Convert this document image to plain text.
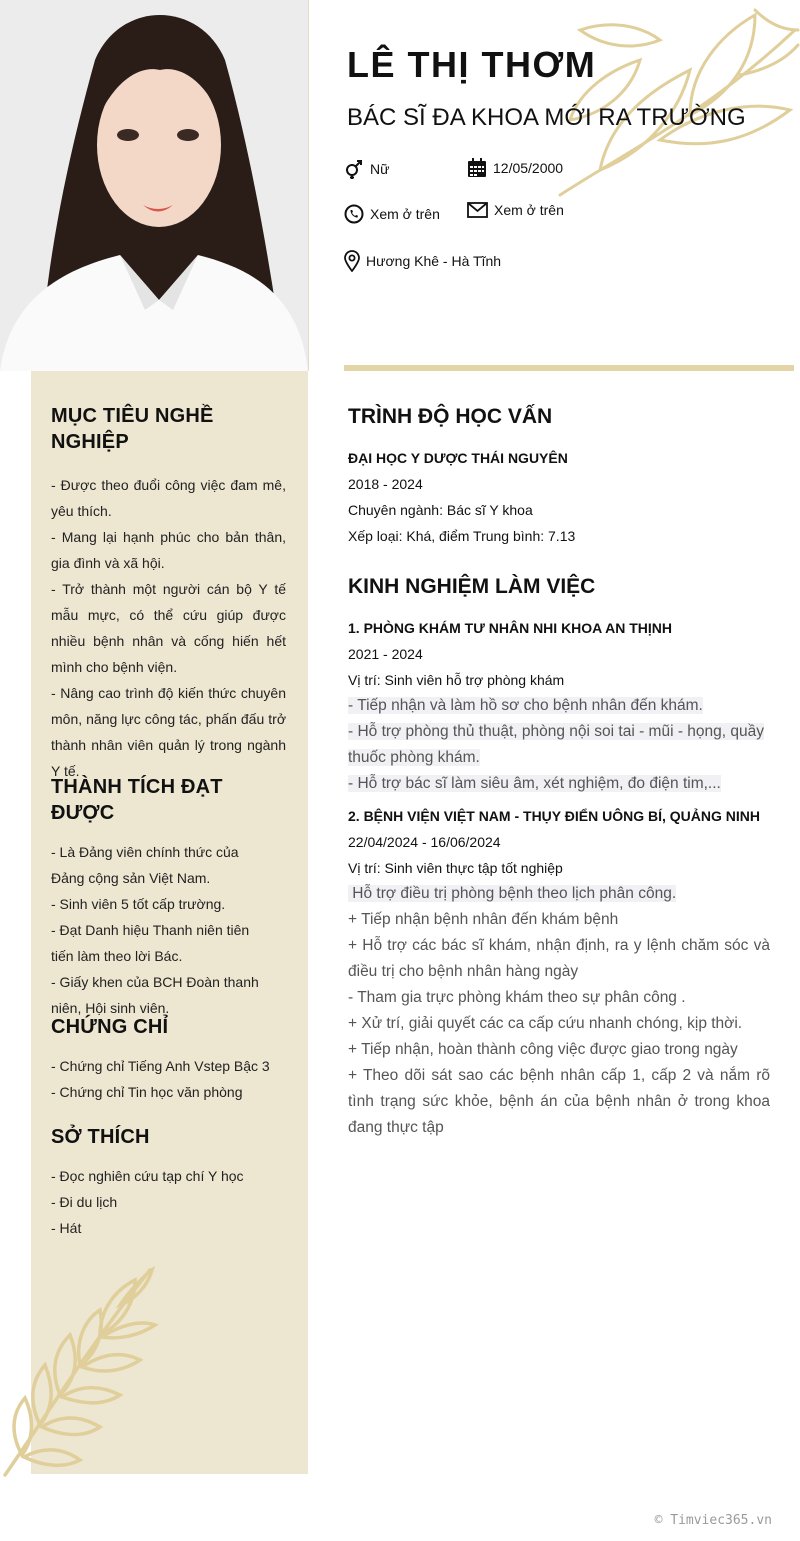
LÊ THỊ THƠM
BÁC SĨ ĐA KHOA MỚI RA TRƯỜNG
Nữ	12/05/2000
Xem ở trên	Xem ở trên
Hương Khê - Hà Tĩnh
MỤC TIÊU NGHỀ NGHIỆP
- Được theo đuổi công việc đam mê, yêu thích.
- Mang lại hạnh phúc cho bản thân, gia đình và xã hội.
- Trở thành một người cán bộ Y tế mẫu mực, có thể cứu giúp được nhiều bệnh nhân và cống hiến hết mình cho bệnh viện.
- Nâng cao trình độ kiến thức chuyên môn, năng lực công tác, phấn đấu trở thành nhân viên quản lý trong ngành Y tế.
THÀNH TÍCH ĐẠT ĐƯỢC
- Là Đảng viên chính thức của Đảng cộng sản Việt Nam.
- Sinh viên 5 tốt cấp trường.
- Đạt Danh hiệu Thanh niên tiên tiến làm theo lời Bác.
- Giấy khen của BCH Đoàn thanh niên, Hội sinh viên.
CHỨNG CHỈ
- Chứng chỉ Tiếng Anh Vstep Bậc 3
- Chứng chỉ Tin học văn phòng
SỞ THÍCH
- Đọc nghiên cứu tạp chí Y học
- Đi du lịch
- Hát
TRÌNH ĐỘ HỌC VẤN
ĐẠI HỌC Y DƯỢC THÁI NGUYÊN
2018 - 2024
Chuyên ngành: Bác sĩ Y khoa
Xếp loại: Khá, điểm Trung bình: 7.13
KINH NGHIỆM LÀM VIỆC
1. PHÒNG KHÁM TƯ NHÂN NHI KHOA AN THỊNH
2021 - 2024
Vị trí: Sinh viên hỗ trợ phòng khám
- Tiếp nhận và làm hồ sơ cho bệnh nhân đến khám.
- Hỗ trợ phòng thủ thuật, phòng nội soi tai - mũi - họng, quầy thuốc phòng khám.
- Hỗ trợ bác sĩ làm siêu âm, xét nghiệm, đo điện tim,...
2. BỆNH VIỆN VIỆT NAM - THỤY ĐIỂN UÔNG BÍ, QUẢNG NINH
22/04/2024 - 16/06/2024
Vị trí: Sinh viên thực tập tốt nghiệp
Hỗ trợ điều trị phòng bệnh theo lịch phân công.
+ Tiếp nhận bệnh nhân đến khám bệnh
+ Hỗ trợ các bác sĩ khám, nhận định, ra y lệnh chăm sóc và điều trị cho bệnh nhân hàng ngày
- Tham gia trực phòng khám theo sự phân công .
+ Xử trí, giải quyết các ca cấp cứu nhanh chóng, kịp thời.
+ Tiếp nhận, hoàn thành công việc được giao trong ngày
+ Theo dõi sát sao các bệnh nhân cấp 1, cấp 2 và nắm rõ tình trạng sức khỏe, bệnh án của bệnh nhân ở trong khoa đang thực tập
© Timviec365.vn
